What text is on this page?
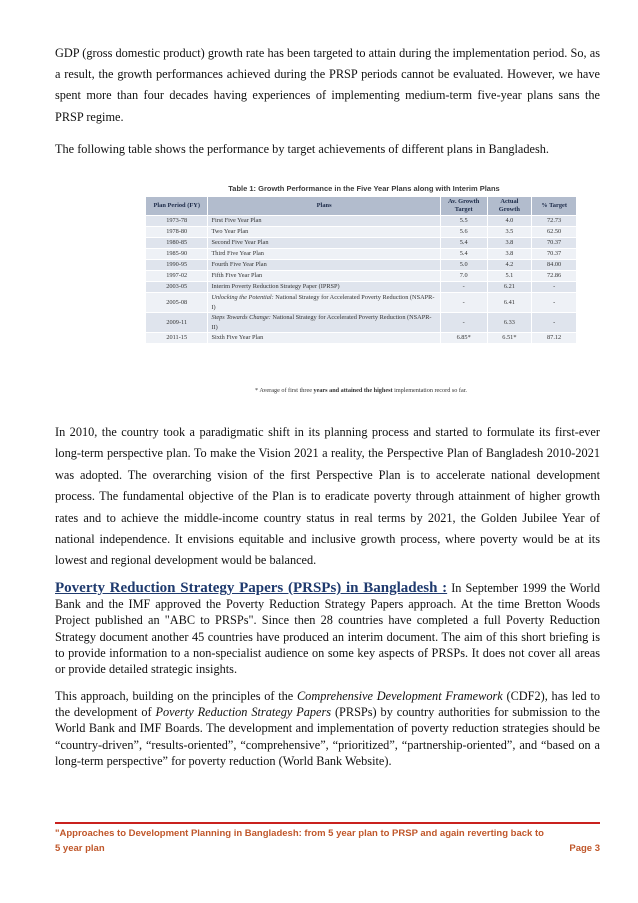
GDP (gross domestic product) growth rate has been targeted to attain during the implementation period. So, as a result, the growth performances achieved during the PRSP periods cannot be evaluated. However, we have spent more than four decades having experiences of implementing medium-term five-year plans sans the PRSP regime.
The following table shows the performance by target achievements of different plans in Bangladesh.
Table 1: Growth Performance in the Five Year Plans along with Interim Plans
Plan Period (FY)	Plans	Av. Growth Target	Actual Growth	% Target
1973-78	First Five Year Plan	5.5	4.0	72.73
1978-80	Two Year Plan	5.6	3.5	62.50
1980-85	Second Five Year Plan	5.4	3.8	70.37
1985-90	Third Five Year Plan	5.4	3.8	70.37
1990-95	Fourth Five Year Plan	5.0	4.2	84.00
1997-02	Fifth Five Year Plan	7.0	5.1	72.86
2003-05	Interim Poverty Reduction Strategy Paper (IPRSP)	-	6.21	-
2005-08	Unlocking the Potential: National Strategy for Accelerated Poverty Reduction (NSAPR-I)	-	6.41	-
2009-11	Steps Towards Change: National Strategy for Accelerated Poverty Reduction (NSAPR-II)	-	6.33	-
2011-15	Sixth Five Year Plan	6.85*	6.51*	87.12
* Average of first three years and attained the highest implementation record so far.
In 2010, the country took a paradigmatic shift in its planning process and started to formulate its first-ever long-term perspective plan. To make the Vision 2021 a reality, the Perspective Plan of Bangladesh 2010-2021 was adopted. The overarching vision of the first Perspective Plan is to accelerate national development process. The fundamental objective of the Plan is to eradicate poverty through attainment of higher growth rates and to achieve the middle-income country status in real terms by 2021, the Golden Jubilee Year of national independence. It envisions equitable and inclusive growth process, where poverty would be at its lowest and regional development would be balanced.
Poverty Reduction Strategy Papers (PRSPs) in Bangladesh : In September 1999 the World Bank and the IMF approved the Poverty Reduction Strategy Papers approach. At the time Bretton Woods Project published an "ABC to PRSPs". Since then 28 countries have completed a full Poverty Reduction Strategy document another 45 countries have produced an interim document. The aim of this short briefing is to provide information to a non-specialist audience on some key aspects of PRSPs. It does not cover all areas or provide detailed strategic insights.
This approach, building on the principles of the Comprehensive Development Framework (CDF2), has led to the development of Poverty Reduction Strategy Papers (PRSPs) by country authorities for submission to the World Bank and IMF Boards. The development and implementation of poverty reduction strategies should be “country-driven”, “results-oriented”, “comprehensive”, “prioritized”, “partnership-oriented”, and “based on a long-term perspective” for poverty reduction (World Bank Website).
"Approaches to Development Planning in Bangladesh: from 5 year plan to PRSP and again reverting back to 5 year plan	Page 3
